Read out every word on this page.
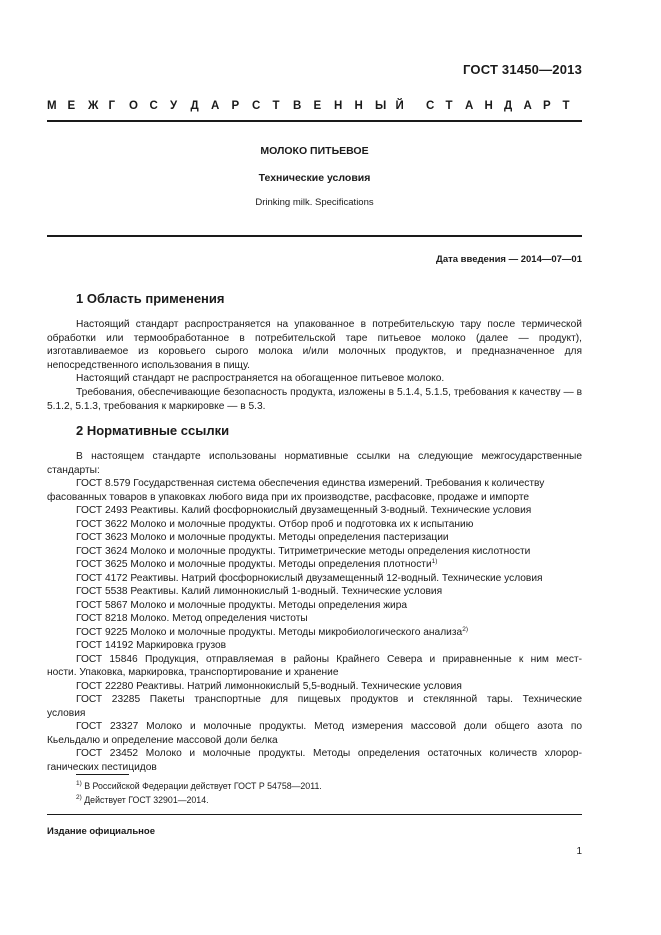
ГОСТ 31450—2013
М Е	Ж Г	О	С	У	Д	А	Р	С	Т	В	Е	Н	Н	Ы Й	С Т	А Н Д А Р	Т
МОЛОКО ПИТЬЕВОЕ
Технические условия
Drinking milk. Specifications
Дата введения — 2014—07—01
1 Область применения
Настоящий стандарт распространяется на упакованное в потребительскую тару после термической обработки или термообработанное в потребительской таре питьевое молоко (далее — продукт), изготавливаемое из коровьего сырого молока и/или молочных продуктов, и предназначенное для непосредственного использования в пищу.
Настоящий стандарт не распространяется на обогащенное питьевое молоко.
Требования, обеспечивающие безопасность продукта, изложены в 5.1.4, 5.1.5, требования к качеству — в 5.1.2, 5.1.3, требования к маркировке — в 5.3.
2 Нормативные ссылки
В настоящем стандарте использованы нормативные ссылки на следующие межгосударственные стандарты:
ГОСТ 8.579 Государственная система обеспечения единства измерений. Требования к количеству
фасованных товаров в упаковках любого вида при их производстве, расфасовке, продаже и импорте
ГОСТ 2493 Реактивы. Калий фосфорнокислый двузамещенный 3-водный. Технические условия
ГОСТ 3622 Молоко и молочные продукты. Отбор проб и подготовка их к испытанию
ГОСТ 3623 Молоко и молочные продукты. Методы определения пастеризации
ГОСТ 3624 Молоко и молочные продукты. Титриметрические методы определения кислотности
ГОСТ 3625 Молоко и молочные продукты. Методы определения плотности$^{1)}$
ГОСТ 4172 Реактивы. Натрий фосфорнокислый двузамещенный 12-водный. Технические условия
ГОСТ 5538 Реактивы. Калий лимоннокислый 1-водный. Технические условия
ГОСТ 5867 Молоко и молочные продукты. Методы определения жира
ГОСТ 8218 Молоко. Метод определения чистоты
ГОСТ 9225 Молоко и молочные продукты. Методы микробиологического анализа$^{2)}$
ГОСТ 14192 Маркировка грузов
ГОСТ 15846 Продукция, отправляемая в районы Крайнего Севера и приравненные к ним мест-
ности. Упаковка, маркировка, транспортирование и хранение
ГОСТ 22280 Реактивы. Натрий лимоннокислый 5,5-водный. Технические условия
ГОСТ 23285 Пакеты транспортные для пищевых продуктов и стеклянной тары. Технические
условия
ГОСТ 23327 Молоко и молочные продукты. Метод измерения массовой доли общего азота по
Кьельдалю и определение массовой доли белка
ГОСТ 23452 Молоко и молочные продукты. Методы определения остаточных количеств хлорор-
ганических пестицидов
$^{1)}$ В Российской Федерации действует ГОСТ Р 54758—2011.
$^{2)}$ Действует ГОСТ 32901—2014.
Издание официальное
1
